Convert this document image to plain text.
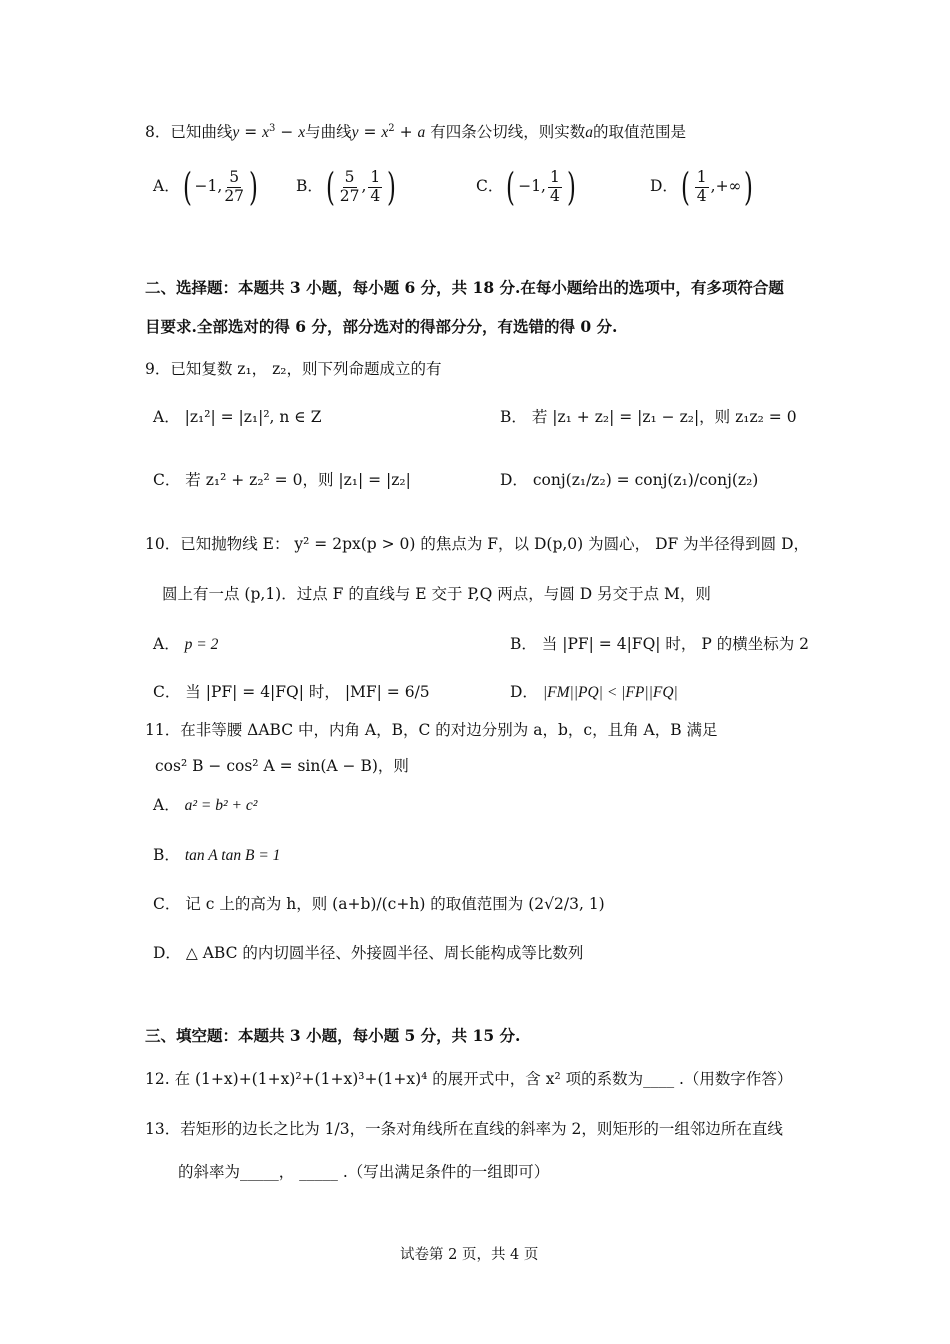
8．已知曲线$y = x^3 - x$与曲线$y = x^2 + a$ 有四条公切线，则实数a的取值范围是
A．( −1, $\frac{5}{27}$ ) B．( $\frac{5}{27}$ , $\frac{1}{4}$ )	C．( −1, $\frac{1}{4}$ )	D．( $\frac{1}{4}$ ,+∞)
二、选择题：本题共 3 小题，每小题 6 分，共 18 分.在每小题给出的选项中，有多项符合题
目要求.全部选对的得 6 分，部分选对的得部分分，有选错的得 0 分.
9．已知复数 z₁， z₂，则下列命题成立的有
A． |z₁²| = |z₁|², n ∈ Z	B． 若 |z₁ + z₂| = |z₁ − z₂|，则 z₁z₂ = 0
C． 若 z₁² + z₂² = 0，则 |z₁| = |z₂|	D． conj(z₁/z₂) = conj(z₁)/conj(z₂)
10．已知抛物线 E： y² = 2px(p > 0) 的焦点为 F，以 D(p,0) 为圆心， DF 为半径得到圆 D，
圆上有一点 (p,1)．过点 F 的直线与 E 交于 P,Q 两点，与圆 D 另交于点 M，则
A． p = 2	B． 当 |PF| = 4|FQ| 时， P 的横坐标为 2
C． 当 |PF| = 4|FQ| 时， |MF| = 6/5	D． |FM||PQ| < |FP||FQ|
11．在非等腰 ΔABC 中，内角 A，B，C 的对边分别为 a，b，c，且角 A，B 满足
cos² B − cos² A = sin(A − B)，则
A． a² = b² + c²
B． tan A tan B = 1
C． 记 c 上的高为 h，则 (a+b)/(c+h) 的取值范围为 (2√2/3, 1)
D． △ ABC 的内切圆半径、外接圆半径、周长能构成等比数列
三、填空题：本题共 3 小题，每小题 5 分，共 15 分.
12. 在 (1+x)+(1+x)²+(1+x)³+(1+x)⁴ 的展开式中，含 x² 项的系数为____ .（用数字作答）
13．若矩形的边长之比为 1/3，一条对角线所在直线的斜率为 2，则矩形的一组邻边所在直线
的斜率为_____， _____ .（写出满足条件的一组即可）
试卷第 2 页，共 4 页
